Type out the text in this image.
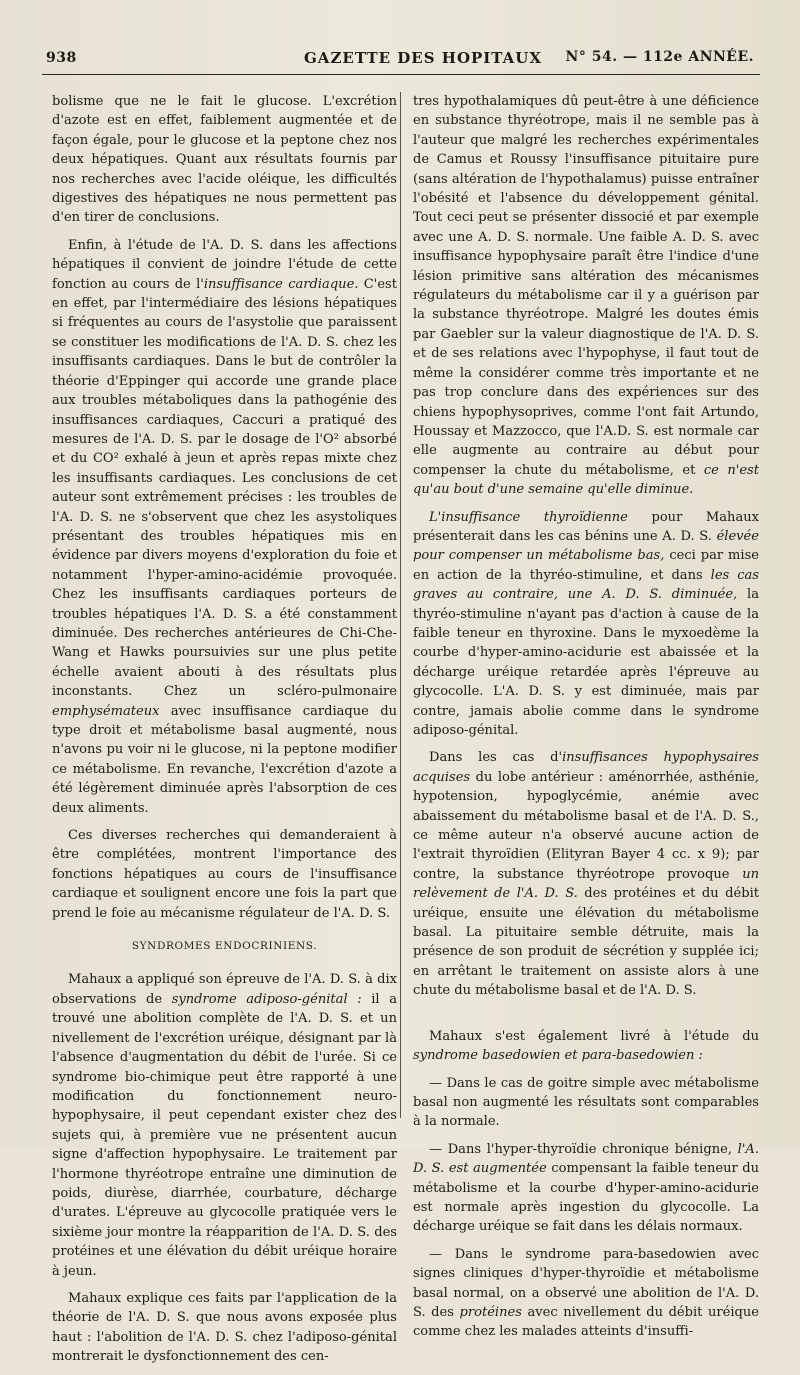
938	GAZETTE DES HOPITAUX N° 54. — 112e ANNÉE.

bolisme que ne le fait le glucose. L'excrétion d'azote est en effet, faiblement augmentée et de façon égale, pour le glucose et la peptone chez nos deux hépatiques. Quant aux résultats fournis par nos recherches avec l'acide oléique, les difficultés digestives des hépatiques ne nous permettent pas d'en tirer de conclusions.

Enfin, à l'étude de l'A. D. S. dans les affections hépatiques il convient de joindre l'étude de cette fonction au cours de l'insuffisance cardiaque. C'est en effet, par l'intermédiaire des lésions hépatiques si fréquentes au cours de l'asystolie que paraissent se constituer les modifications de l'A. D. S. chez les insuffisants cardiaques. Dans le but de contrôler la théorie d'Eppinger qui accorde une grande place aux troubles métaboliques dans la pathogénie des insuffisances cardiaques, Caccuri a pratiqué des mesures de l'A. D. S. par le dosage de l'O² absorbé et du CO² exhalé à jeun et après repas mixte chez les insuffisants cardiaques. Les conclusions de cet auteur sont extrêmement précises : les troubles de l'A. D. S. ne s'observent que chez les asystoliques présentant des troubles hépatiques mis en évidence par divers moyens d'exploration du foie et notamment l'hyper-amino-acidémie provoquée. Chez les insuffisants cardiaques porteurs de troubles hépatiques l'A. D. S. a été constamment diminuée. Des recherches antérieures de Chi-Che-Wang et Hawks poursuivies sur une plus petite échelle avaient abouti à des résultats plus inconstants. Chez un scléro-pulmonaire emphysémateux avec insuffisance cardiaque du type droit et métabolisme basal augmenté, nous n'avons pu voir ni le glucose, ni la peptone modifier ce métabolisme. En revanche, l'excrétion d'azote a été légèrement diminuée après l'absorption de ces deux aliments.

Ces diverses recherches qui demanderaient à être complétées, montrent l'importance des fonctions hépatiques au cours de l'insuffisance cardiaque et soulignent encore une fois la part que prend le foie au mécanisme régulateur de l'A. D. S.

SYNDROMES ENDOCRINIENS.

Mahaux a appliqué son épreuve de l'A. D. S. à dix observations de syndrome adiposo-génital : il a trouvé une abolition complète de l'A. D. S. et un nivellement de l'excrétion uréique, désignant par là l'absence d'augmentation du débit de l'urée. Si ce syndrome bio-chimique peut être rapporté à une modification du fonctionnement neuro-hypophysaire, il peut cependant exister chez des sujets qui, à première vue ne présentent aucun signe d'affection hypophysaire. Le traitement par l'hormone thyréotrope entraîne une diminution de poids, diurèse, diarrhée, courbature, décharge d'urates. L'épreuve au glycocolle pratiquée vers le sixième jour montre la réapparition de l'A. D. S. des protéines et une élévation du débit uréique horaire à jeun.

Mahaux explique ces faits par l'application de la théorie de l'A. D. S. que nous avons exposée plus haut : l'abolition de l'A. D. S. chez l'adiposo-génital montrerait le dysfonctionnement des cen-

tres hypothalamiques dû peut-être à une déficience en substance thyréotrope, mais il ne semble pas à l'auteur que malgré les recherches expérimentales de Camus et Roussy l'insuffisance pituitaire pure (sans altération de l'hypothalamus) puisse entraîner l'obésité et l'absence du développement génital. Tout ceci peut se présenter dissocié et par exemple avec une A. D. S. normale. Une faible A. D. S. avec insuffisance hypophysaire paraît être l'indice d'une lésion primitive sans altération des mécanismes régulateurs du métabolisme car il y a guérison par la substance thyréotrope. Malgré les doutes émis par Gaebler sur la valeur diagnostique de l'A. D. S. et de ses relations avec l'hypophyse, il faut tout de même la considérer comme très importante et ne pas trop conclure dans des expériences sur des chiens hypophysoprives, comme l'ont fait Artundo, Houssay et Mazzocco, que l'A.D. S. est normale car elle augmente au contraire au début pour compenser la chute du métabolisme, et ce n'est qu'au bout d'une semaine qu'elle diminue.

L'insuffisance thyroïdienne pour Mahaux présenterait dans les cas bénins une A. D. S. élevée pour compenser un métabolisme bas, ceci par mise en action de la thyréo-stimuline, et dans les cas graves au contraire, une A. D. S. diminuée, la thyréo-stimuline n'ayant pas d'action à cause de la faible teneur en thyroxine. Dans le myxoedème la courbe d'hyper-amino-acidurie est abaissée et la décharge uréique retardée après l'épreuve au glycocolle. L'A. D. S. y est diminuée, mais par contre, jamais abolie comme dans le syndrome adiposo-génital.

Dans les cas d'insuffisances hypophysaires acquises du lobe antérieur : aménorrhée, asthénie, hypotension, hypoglycémie, anémie avec abaissement du métabolisme basal et de l'A. D. S., ce même auteur n'a observé aucune action de l'extrait thyroïdien (Elityran Bayer 4 cc. x 9); par contre, la substance thyréotrope provoque un relèvement de l'A. D. S. des protéines et du débit uréique, ensuite une élévation du métabolisme basal. La pituitaire semble détruite, mais la présence de son produit de sécrétion y supplée ici; en arrêtant le traitement on assiste alors à une chute du métabolisme basal et de l'A. D. S.

Mahaux s'est également livré à l'étude du syndrome basedowien et para-basedowien :

— Dans le cas de goitre simple avec métabolisme basal non augmenté les résultats sont comparables à la normale.

— Dans l'hyper-thyroïdie chronique bénigne, l'A. D. S. est augmentée compensant la faible teneur du métabolisme et la courbe d'hyper-amino-acidurie est normale après ingestion du glycocolle. La décharge uréique se fait dans les délais normaux.

— Dans le syndrome para-basedowien avec signes cliniques d'hyper-thyroïdie et métabolisme basal normal, on a observé une abolition de l'A. D. S. des protéines avec nivellement du débit uréique comme chez les malades atteints d'insuffi-
